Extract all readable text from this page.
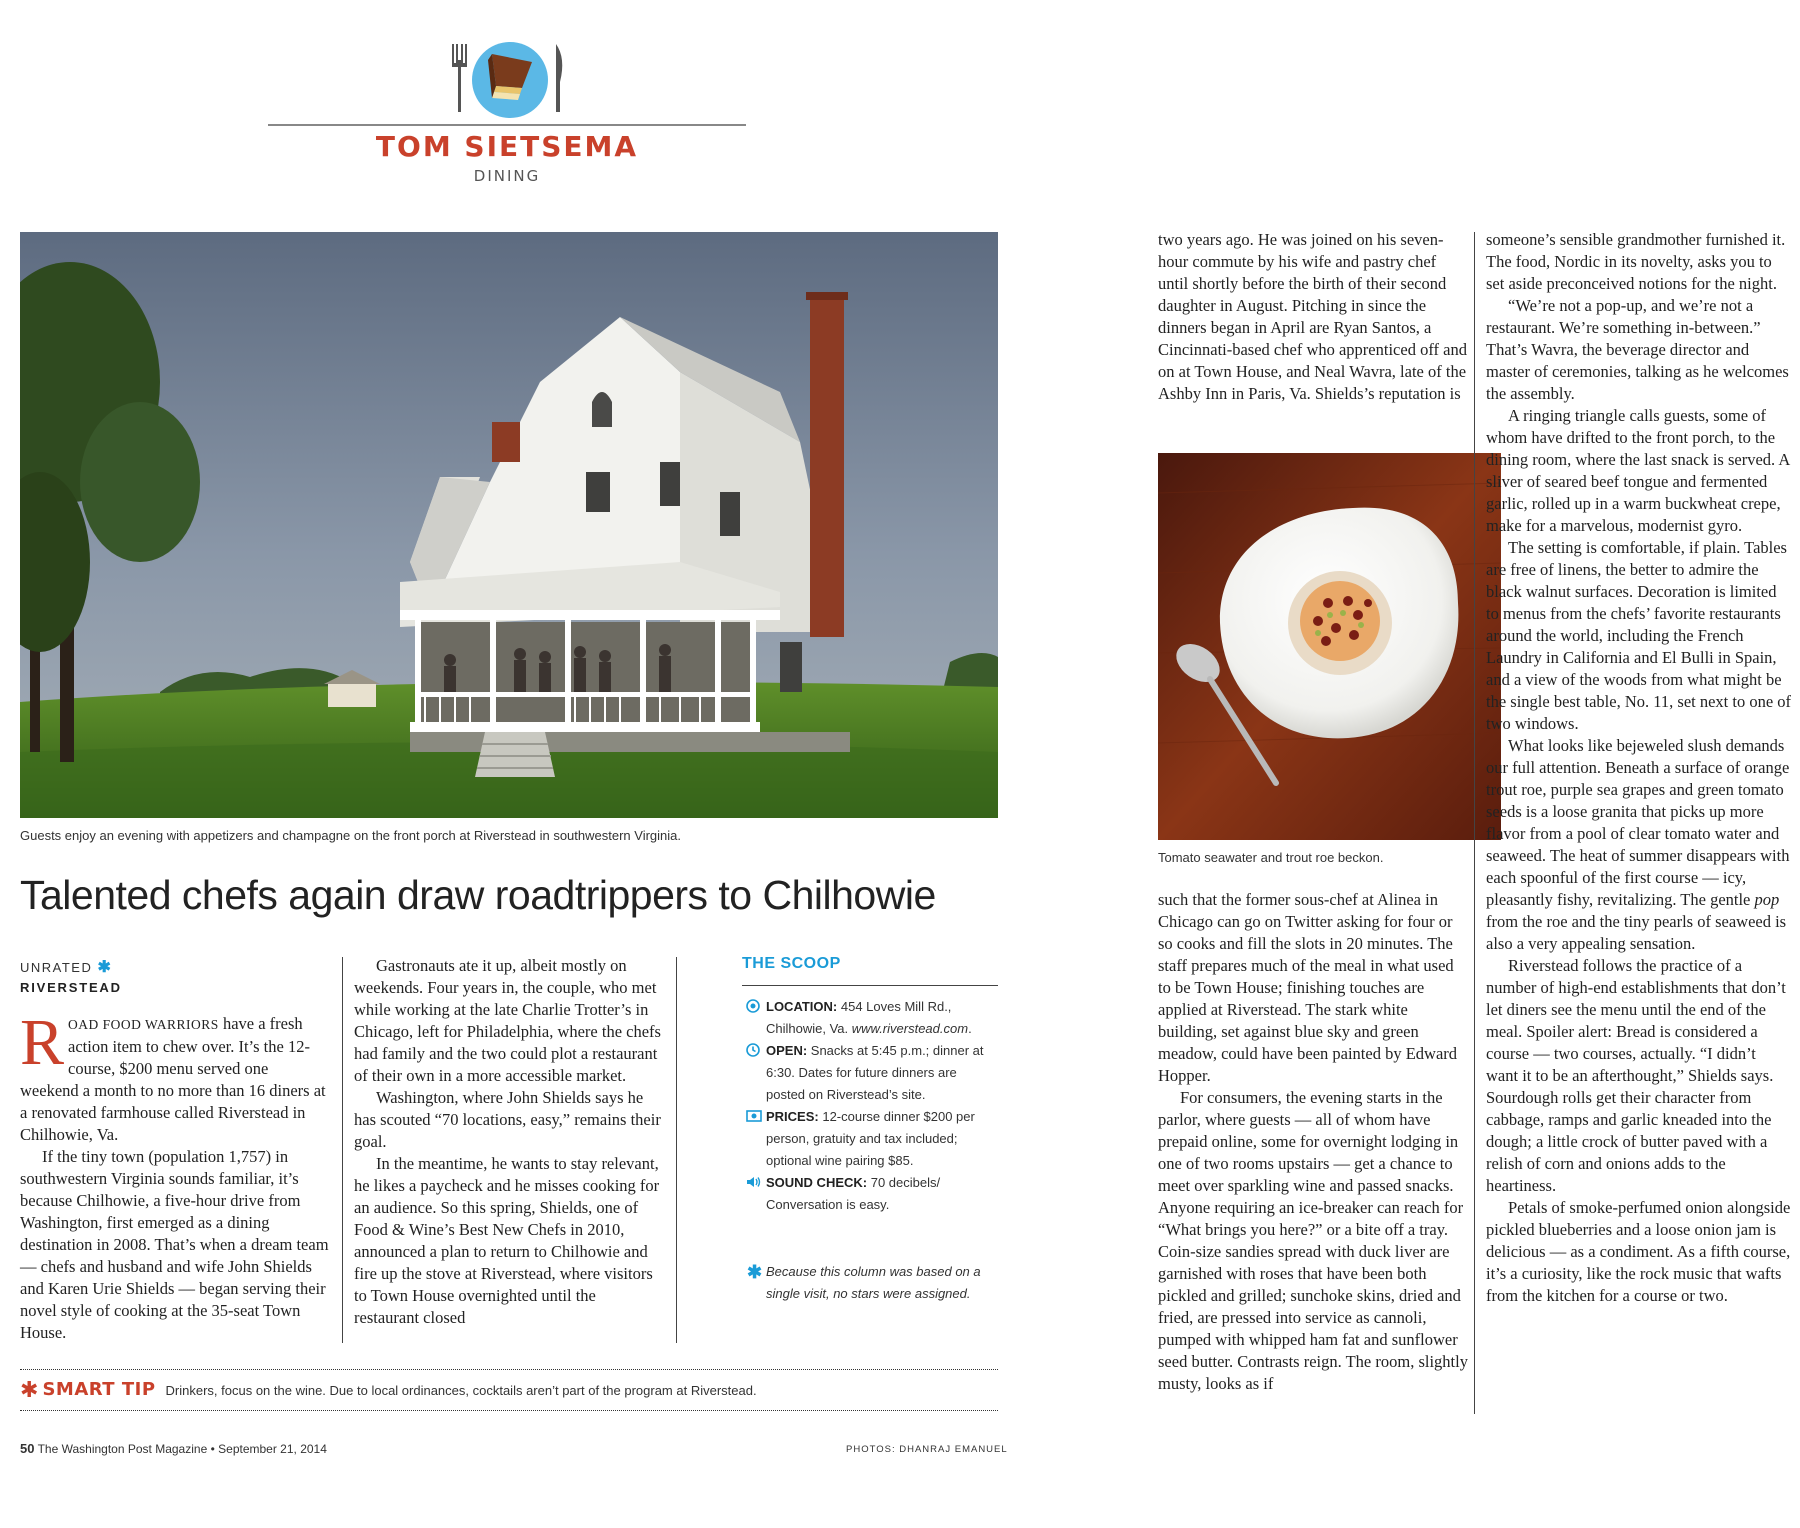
TOM SIETSEMA
DINING
Guests enjoy an evening with appetizers and champagne on the front porch at Riverstead in southwestern Virginia.
Tomato seawater and trout roe beckon.
Talented chefs again draw roadtrippers to Chilhowie
UNRATED ✱
RIVERSTEAD

ROAD FOOD WARRIORS have a fresh action item to chew over. It’s the 12-course, $200 menu served one weekend a month to no more than 16 diners at a renovated farmhouse called Riverstead in Chilhowie, Va.

If the tiny town (population 1,757) in southwestern Virginia sounds familiar, it’s because Chilhowie, a five-hour drive from Washington, first emerged as a dining destination in 2008. That’s when a dream team — chefs and husband and wife John Shields and Karen Urie Shields — began serving their novel style of cooking at the 35-seat Town House.

Gastronauts ate it up, albeit mostly on weekends. Four years in, the couple, who met while working at the late Charlie Trotter’s in Chicago, left for Philadelphia, where the chefs had family and the two could plot a restaurant of their own in a more accessible market.

Washington, where John Shields says he has scouted “70 locations, easy,” remains their goal.

In the meantime, he wants to stay relevant, he likes a paycheck and he misses cooking for an audience. So this spring, Shields, one of Food & Wine’s Best New Chefs in 2010, announced a plan to return to Chilhowie and fire up the stove at Riverstead, where visitors to Town House overnighted until the restaurant closed

THE SCOOP
LOCATION: 454 Loves Mill Rd., Chilhowie, Va. www.riverstead.com.
OPEN: Snacks at 5:45 p.m.; dinner at 6:30. Dates for future dinners are posted on Riverstead’s site.
PRICES: 12-course dinner $200 per person, gratuity and tax included; optional wine pairing $85.
SOUND CHECK: 70 decibels/ Conversation is easy.
✱ Because this column was based on a single visit, no stars were assigned.
✱ SMART TIP Drinkers, focus on the wine. Due to local ordinances, cocktails aren’t part of the program at Riverstead.
50 The Washington Post Magazine • September 21, 2014	PHOTOS: DHANRAJ EMANUEL

two years ago. He was joined on his seven-hour commute by his wife and pastry chef until shortly before the birth of their second daughter in August. Pitching in since the dinners began in April are Ryan Santos, a Cincinnati-based chef who apprenticed off and on at Town House, and Neal Wavra, late of the Ashby Inn in Paris, Va. Shields’s reputation is

such that the former sous-chef at Alinea in Chicago can go on Twitter asking for four or so cooks and fill the slots in 20 minutes. The staff prepares much of the meal in what used to be Town House; finishing touches are applied at Riverstead. The stark white building, set against blue sky and green meadow, could have been painted by Edward Hopper.

For consumers, the evening starts in the parlor, where guests — all of whom have prepaid online, some for overnight lodging in one of two rooms upstairs — get a chance to meet over sparkling wine and passed snacks. Anyone requiring an ice-breaker can reach for “What brings you here?” or a bite off a tray. Coin-size sandies spread with duck liver are garnished with roses that have been both pickled and grilled; sunchoke skins, dried and fried, are pressed into service as cannoli, pumped with whipped ham fat and sunflower seed butter. Contrasts reign. The room, slightly musty, looks as if

someone’s sensible grandmother furnished it. The food, Nordic in its novelty, asks you to set aside preconceived notions for the night.

“We’re not a pop-up, and we’re not a restaurant. We’re something in-between.” That’s Wavra, the beverage director and master of ceremonies, talking as he welcomes the assembly.

A ringing triangle calls guests, some of whom have drifted to the front porch, to the dining room, where the last snack is served. A sliver of seared beef tongue and fermented garlic, rolled up in a warm buckwheat crepe, make for a marvelous, modernist gyro.

The setting is comfortable, if plain. Tables are free of linens, the better to admire the black walnut surfaces. Decoration is limited to menus from the chefs’ favorite restaurants around the world, including the French Laundry in California and El Bulli in Spain, and a view of the woods from what might be the single best table, No. 11, set next to one of two windows.

What looks like bejeweled slush demands our full attention. Beneath a surface of orange trout roe, purple sea grapes and green tomato seeds is a loose granita that picks up more flavor from a pool of clear tomato water and seaweed. The heat of summer disappears with each spoonful of the first course — icy, pleasantly fishy, revitalizing. The gentle pop from the roe and the tiny pearls of seaweed is also a very appealing sensation.

Riverstead follows the practice of a number of high-end establishments that don’t let diners see the menu until the end of the meal. Spoiler alert: Bread is considered a course — two courses, actually. “I didn’t want it to be an afterthought,” Shields says. Sourdough rolls get their character from cabbage, ramps and garlic kneaded into the dough; a little crock of butter paved with a relish of corn and onions adds to the heartiness.

Petals of smoke-perfumed onion alongside pickled blueberries and a loose onion jam is delicious — as a condiment. As a fifth course, it’s a curiosity, like the rock music that wafts from the kitchen for a course or two.
